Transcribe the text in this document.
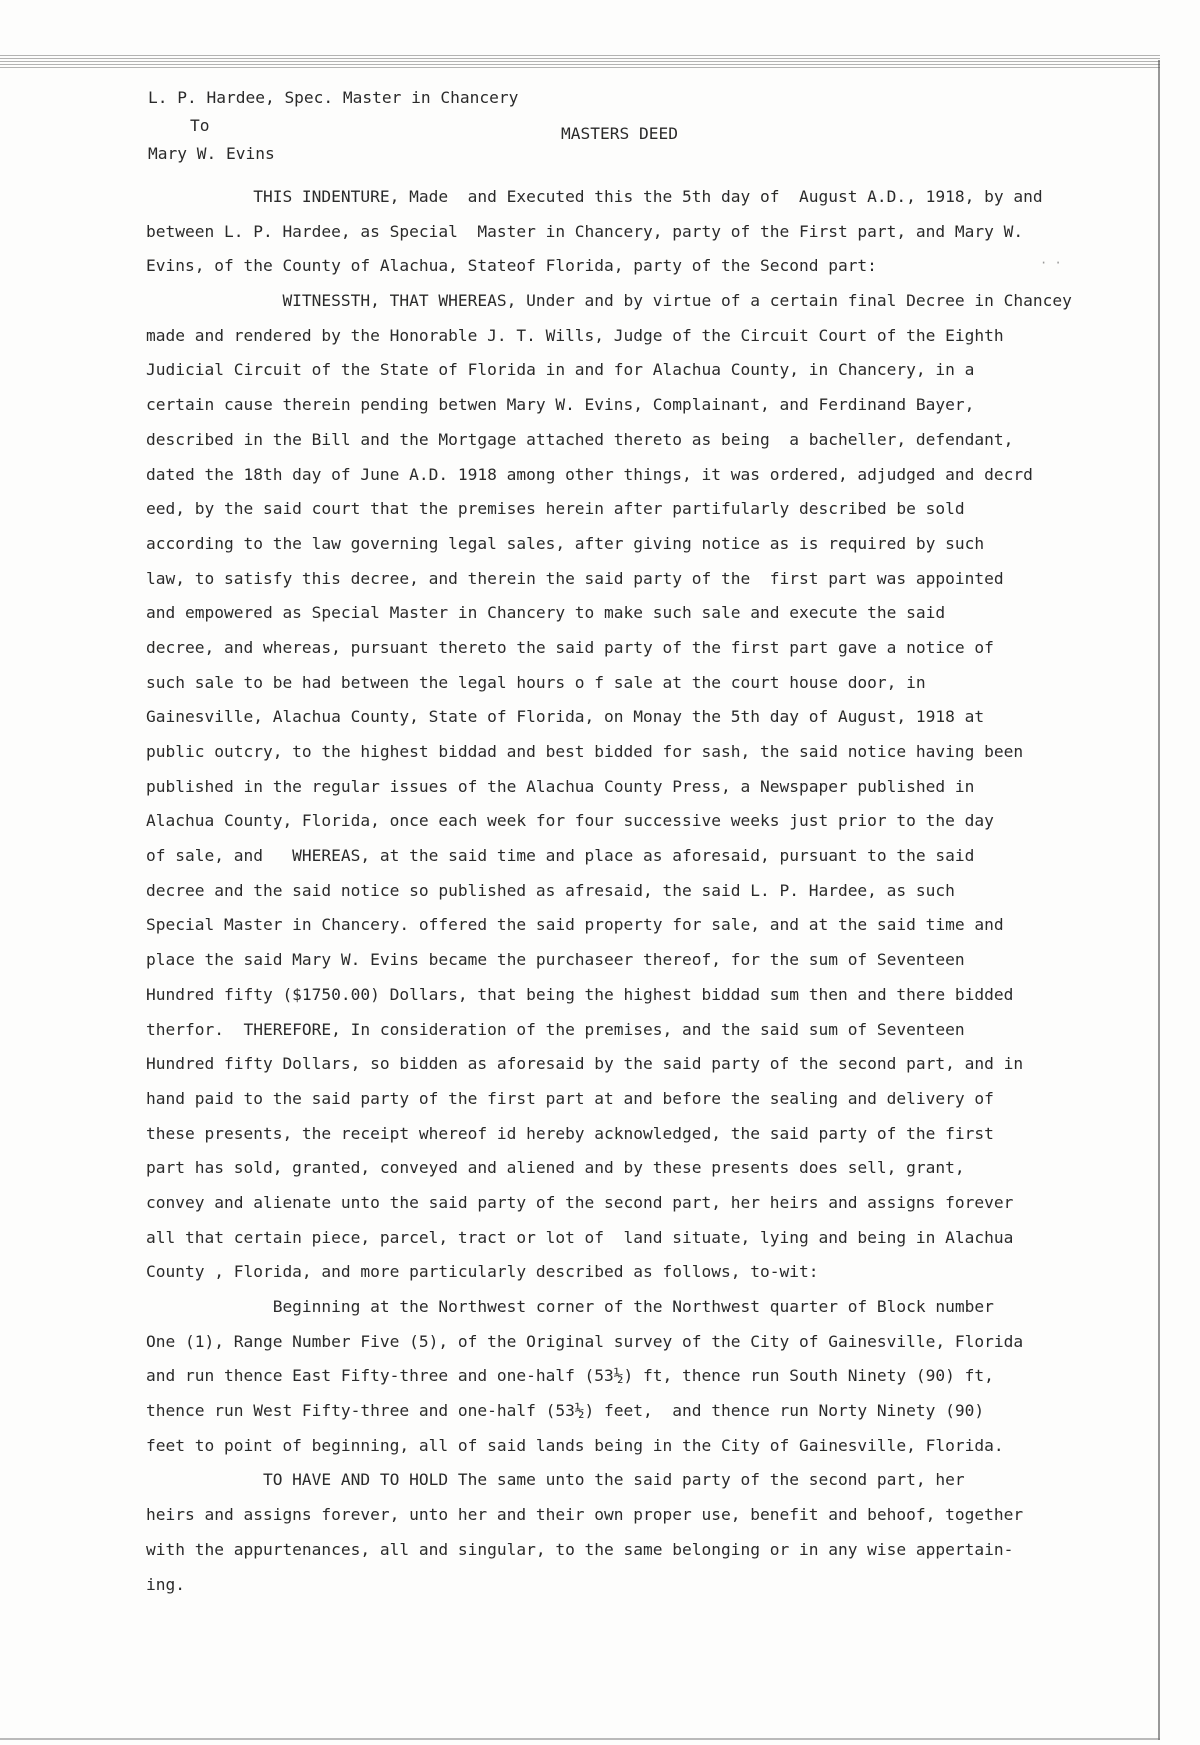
L. P. Hardee, Spec. Master in Chancery
To
Mary W. Evins
MASTERS DEED
· ·
THIS INDENTURE, Made  and Executed this the 5th day of  August A.D., 1918, by and
between L. P. Hardee, as Special  Master in Chancery, party of the First part, and Mary W.
Evins, of the County of Alachua, Stateof Florida, party of the Second part:
WITNESSTH, THAT WHEREAS, Under and by virtue of a certain final Decree in Chancey
made and rendered by the Honorable J. T. Wills, Judge of the Circuit Court of the Eighth
Judicial Circuit of the State of Florida in and for Alachua County, in Chancery, in a
certain cause therein pending betwen Mary W. Evins, Complainant, and Ferdinand Bayer,
described in the Bill and the Mortgage attached thereto as being  a bacheller, defendant,
dated the 18th day of June A.D. 1918 among other things, it was ordered, adjudged and decrd
eed, by the said court that the premises herein after partifularly described be sold
according to the law governing legal sales, after giving notice as is required by such
law, to satisfy this decree, and therein the said party of the  first part was appointed
and empowered as Special Master in Chancery to make such sale and execute the said
decree, and whereas, pursuant thereto the said party of the first part gave a notice of
such sale to be had between the legal hours o f sale at the court house door, in
Gainesville, Alachua County, State of Florida, on Monay the 5th day of August, 1918 at
public outcry, to the highest biddad and best bidded for sash, the said notice having been
published in the regular issues of the Alachua County Press, a Newspaper published in
Alachua County, Florida, once each week for four successive weeks just prior to the day
of sale, and   WHEREAS, at the said time and place as aforesaid, pursuant to the said
decree and the said notice so published as afresaid, the said L. P. Hardee, as such
Special Master in Chancery. offered the said property for sale, and at the said time and
place the said Mary W. Evins became the purchaseer thereof, for the sum of Seventeen
Hundred fifty ($1750.00) Dollars, that being the highest biddad sum then and there bidded
therfor.  THEREFORE, In consideration of the premises, and the said sum of Seventeen
Hundred fifty Dollars, so bidden as aforesaid by the said party of the second part, and in
hand paid to the said party of the first part at and before the sealing and delivery of
these presents, the receipt whereof id hereby acknowledged, the said party of the first
part has sold, granted, conveyed and aliened and by these presents does sell, grant,
convey and alienate unto the said party of the second part, her heirs and assigns forever
all that certain piece, parcel, tract or lot of  land situate, lying and being in Alachua
County , Florida, and more particularly described as follows, to-wit:
Beginning at the Northwest corner of the Northwest quarter of Block number
One (1), Range Number Five (5), of the Original survey of the City of Gainesville, Florida
and run thence East Fifty-three and one-half (53½) ft, thence run South Ninety (90) ft,
thence run West Fifty-three and one-half (53½) feet,  and thence run Norty Ninety (90)
feet to point of beginning, all of said lands being in the City of Gainesville, Florida.
TO HAVE AND TO HOLD The same unto the said party of the second part, her
heirs and assigns forever, unto her and their own proper use, benefit and behoof, together
with the appurtenances, all and singular, to the same belonging or in any wise appertain-
ing.
